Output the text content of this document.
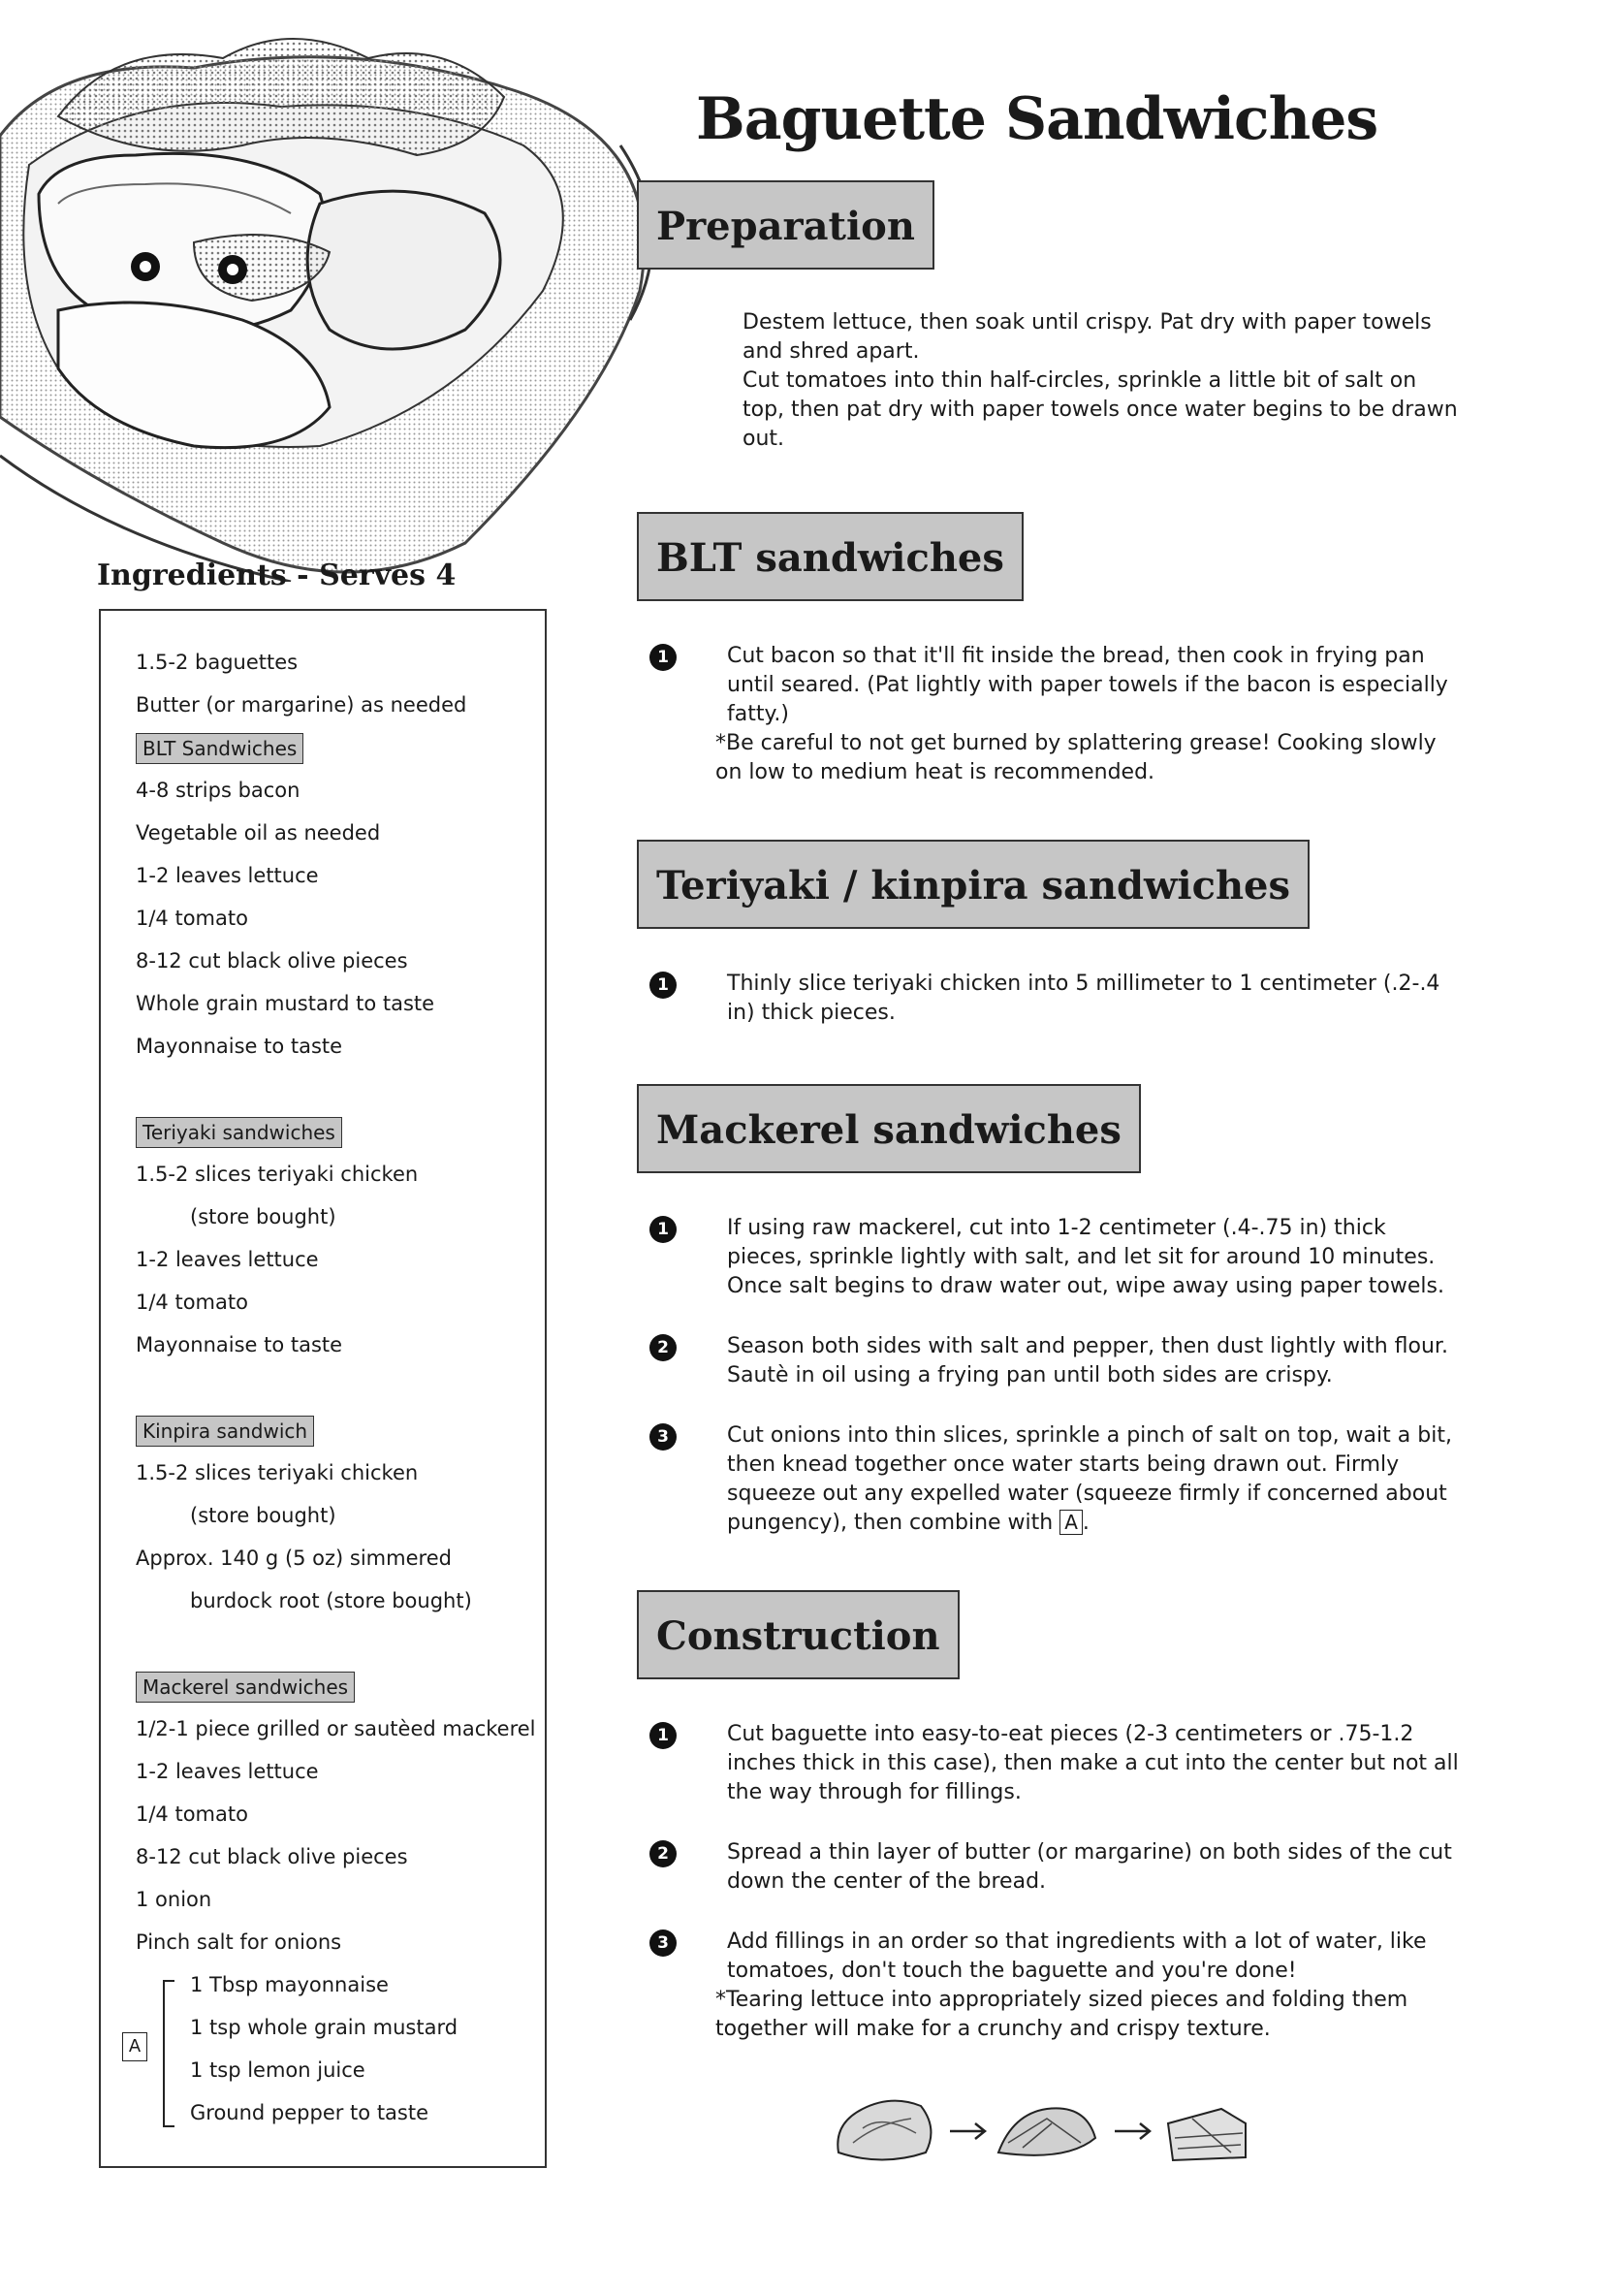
Baguette Sandwiches
Preparation

Destem lettuce, then soak until crispy. Pat dry with paper towels and shred apart.

Cut tomatoes into thin half-circles, sprinkle a little bit of salt on top, then pat dry with paper towels once water begins to be drawn out.

BLT sandwiches
1	Cut bacon so that it'll fit inside the bread, then cook in frying pan until seared. (Pat lightly with paper towels if the bacon is especially fatty.)

*Be careful to not get burned by splattering grease! Cooking slowly on low to medium heat is recommended.

Teriyaki / kinpira sandwiches
1	Thinly slice teriyaki chicken into 5 millimeter to 1 centimeter (.2-.4 in) thick pieces.

Mackerel sandwiches
1	If using raw mackerel, cut into 1-2 centimeter (.4-.75 in) thick pieces, sprinkle lightly with salt, and let sit for around 10 minutes. Once salt begins to draw water out, wipe away using paper towels.

2	Season both sides with salt and pepper, then dust lightly with flour. Sautè in oil using a frying pan until both sides are crispy.

3	Cut onions into thin slices, sprinkle a pinch of salt on top, wait a bit, then knead together once water starts being drawn out. Firmly squeeze out any expelled water (squeeze firmly if concerned about pungency), then combine with A .

Construction
1	Cut baguette into easy-to-eat pieces (2-3 centimeters or .75-1.2 inches thick in this case), then make a cut into the center but not all the way through for fillings.

2	Spread a thin layer of butter (or margarine) on both sides of the cut down the center of the bread.

3	Add fillings in an order so that ingredients with a lot of water, like tomatoes, don't touch the baguette and you're done!

*Tearing lettuce into appropriately sized pieces and folding them together will make for a crunchy and crispy texture.

Ingredients - Serves 4

1.5-2 baguettes

Butter (or margarine) as needed

BLT Sandwiches

4-8 strips bacon

Vegetable oil as needed

1-2 leaves lettuce

1/4 tomato

8-12 cut black olive pieces

Whole grain mustard to taste

Mayonnaise to taste

Teriyaki sandwiches

1.5-2 slices teriyaki chicken

(store bought)

1-2 leaves lettuce

1/4 tomato

Mayonnaise to taste

Kinpira sandwich

1.5-2 slices teriyaki chicken

(store bought)

Approx. 140 g (5 oz) simmered

burdock root (store bought)

Mackerel sandwiches

1/2-1 piece grilled or sautèed mackerel

1-2 leaves lettuce

1/4 tomato

8-12 cut black olive pieces

1 onion

Pinch salt for onions

A

1 Tbsp mayonnaise

1 tsp whole grain mustard

1 tsp lemon juice

Ground pepper to taste
